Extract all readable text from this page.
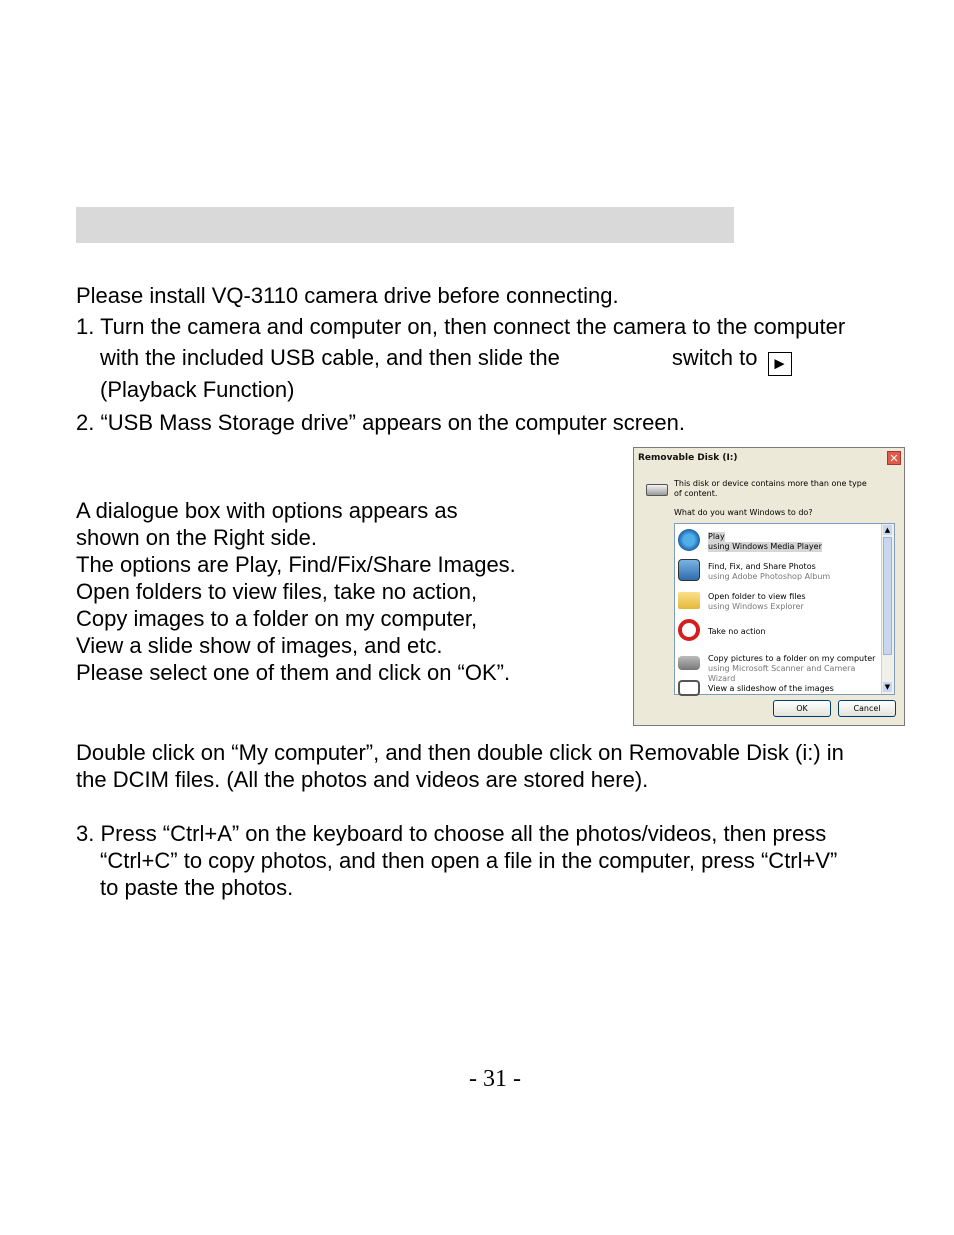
Please install VQ-3110 camera drive before connecting.
1. Turn the camera and computer on, then connect the camera to the computer
with the included USB cable, and then slide the	switch to ►
(Playback Function)
2. “USB Mass Storage drive” appears on the computer screen.
A dialogue box with options appears as
shown on the Right side.
The options are Play, Find/Fix/Share Images.
Open folders to view files, take no action,
Copy images to a folder on my computer,
View a slide show of images, and etc.
Please select one of them and click on “OK”.
Removable Disk (I:)	✕
This disk or device contains more than one type of content.
What do you want Windows to do?
Play
using Windows Media Player
Find, Fix, and Share Photos
using Adobe Photoshop Album
Open folder to view files
using Windows Explorer
Take no action
Copy pictures to a folder on my computer
using Microsoft Scanner and Camera Wizard
View a slideshow of the images
▲
▼
OK	Cancel
Double click on “My computer”, and then double click on Removable Disk (i:) in
the DCIM files. (All the photos and videos are stored here).
3. Press “Ctrl+A” on the keyboard to choose all the photos/videos, then press
“Ctrl+C” to copy photos, and then open a file in the computer, press “Ctrl+V”
to paste the photos.
- 31 -
